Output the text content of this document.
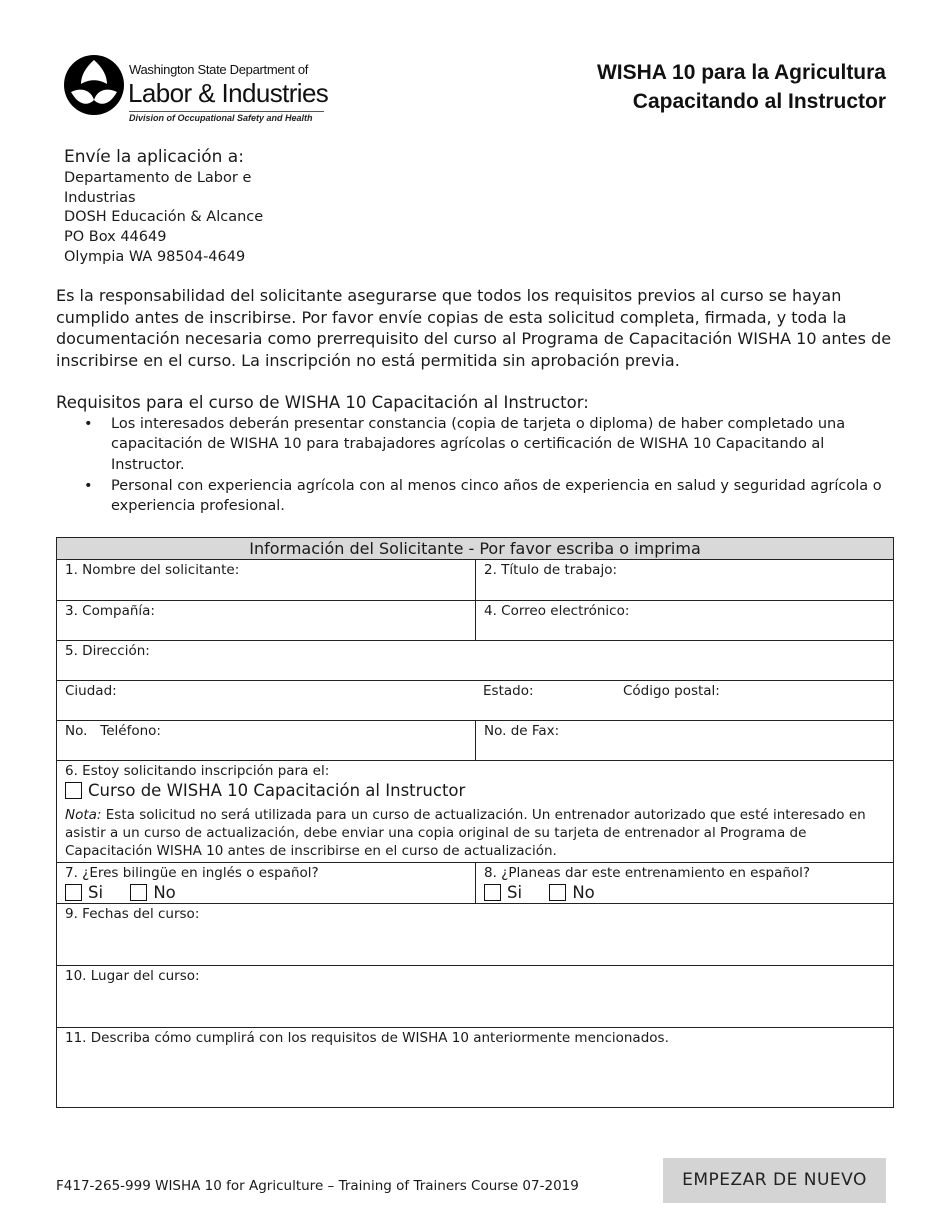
Washington State Department of
Labor & Industries
Division of Occupational Safety and Health
WISHA 10 para la Agricultura
Capacitando al Instructor
Envíe la aplicación a:
Departamento de Labor e
Industrias
DOSH Educación & Alcance
PO Box 44649
Olympia WA 98504-4649

Es la responsabilidad del solicitante asegurarse que todos los requisitos previos al curso se hayan cumplido antes de inscribirse. Por favor envíe copias de esta solicitud completa, firmada, y toda la documentación necesaria como prerrequisito del curso al Programa de Capacitación WISHA 10 antes de inscribirse en el curso. La inscripción no está permitida sin aprobación previa.

Requisitos para el curso de WISHA 10 Capacitación al Instructor:
• Los interesados deberán presentar constancia (copia de tarjeta o diploma) de haber completado una capacitación de WISHA 10 para trabajadores agrícolas o certificación de WISHA 10 Capacitando al Instructor.
• Personal con experiencia agrícola con al menos cinco años de experiencia en salud y seguridad agrícola o experiencia profesional.
Información del Solicitante - Por favor escriba o imprima
1. Nombre del solicitante:	2. Título de trabajo:
3. Compañía:	4. Correo electrónico:
5. Dirección:
Ciudad:	Estado:	Código postal:
No.   Teléfono:	No. de Fax:
6. Estoy solicitando inscripción para el:
Curso de WISHA 10 Capacitación al Instructor
Nota: Esta solicitud no será utilizada para un curso de actualización. Un entrenador autorizado que esté interesado en asistir a un curso de actualización, debe enviar una copia original de su tarjeta de entrenador al Programa de Capacitación WISHA 10 antes de inscribirse en el curso de actualización.
7. ¿Eres bilingüe en inglés o español?
Si	No
8. ¿Planeas dar este entrenamiento en español?
Si	No
9. Fechas del curso:
10. Lugar del curso:
11. Describa cómo cumplirá con los requisitos de WISHA 10 anteriormente mencionados.
F417-265-999 WISHA 10 for Agriculture – Training of Trainers Course 07-2019	EMPEZAR DE NUEVO
